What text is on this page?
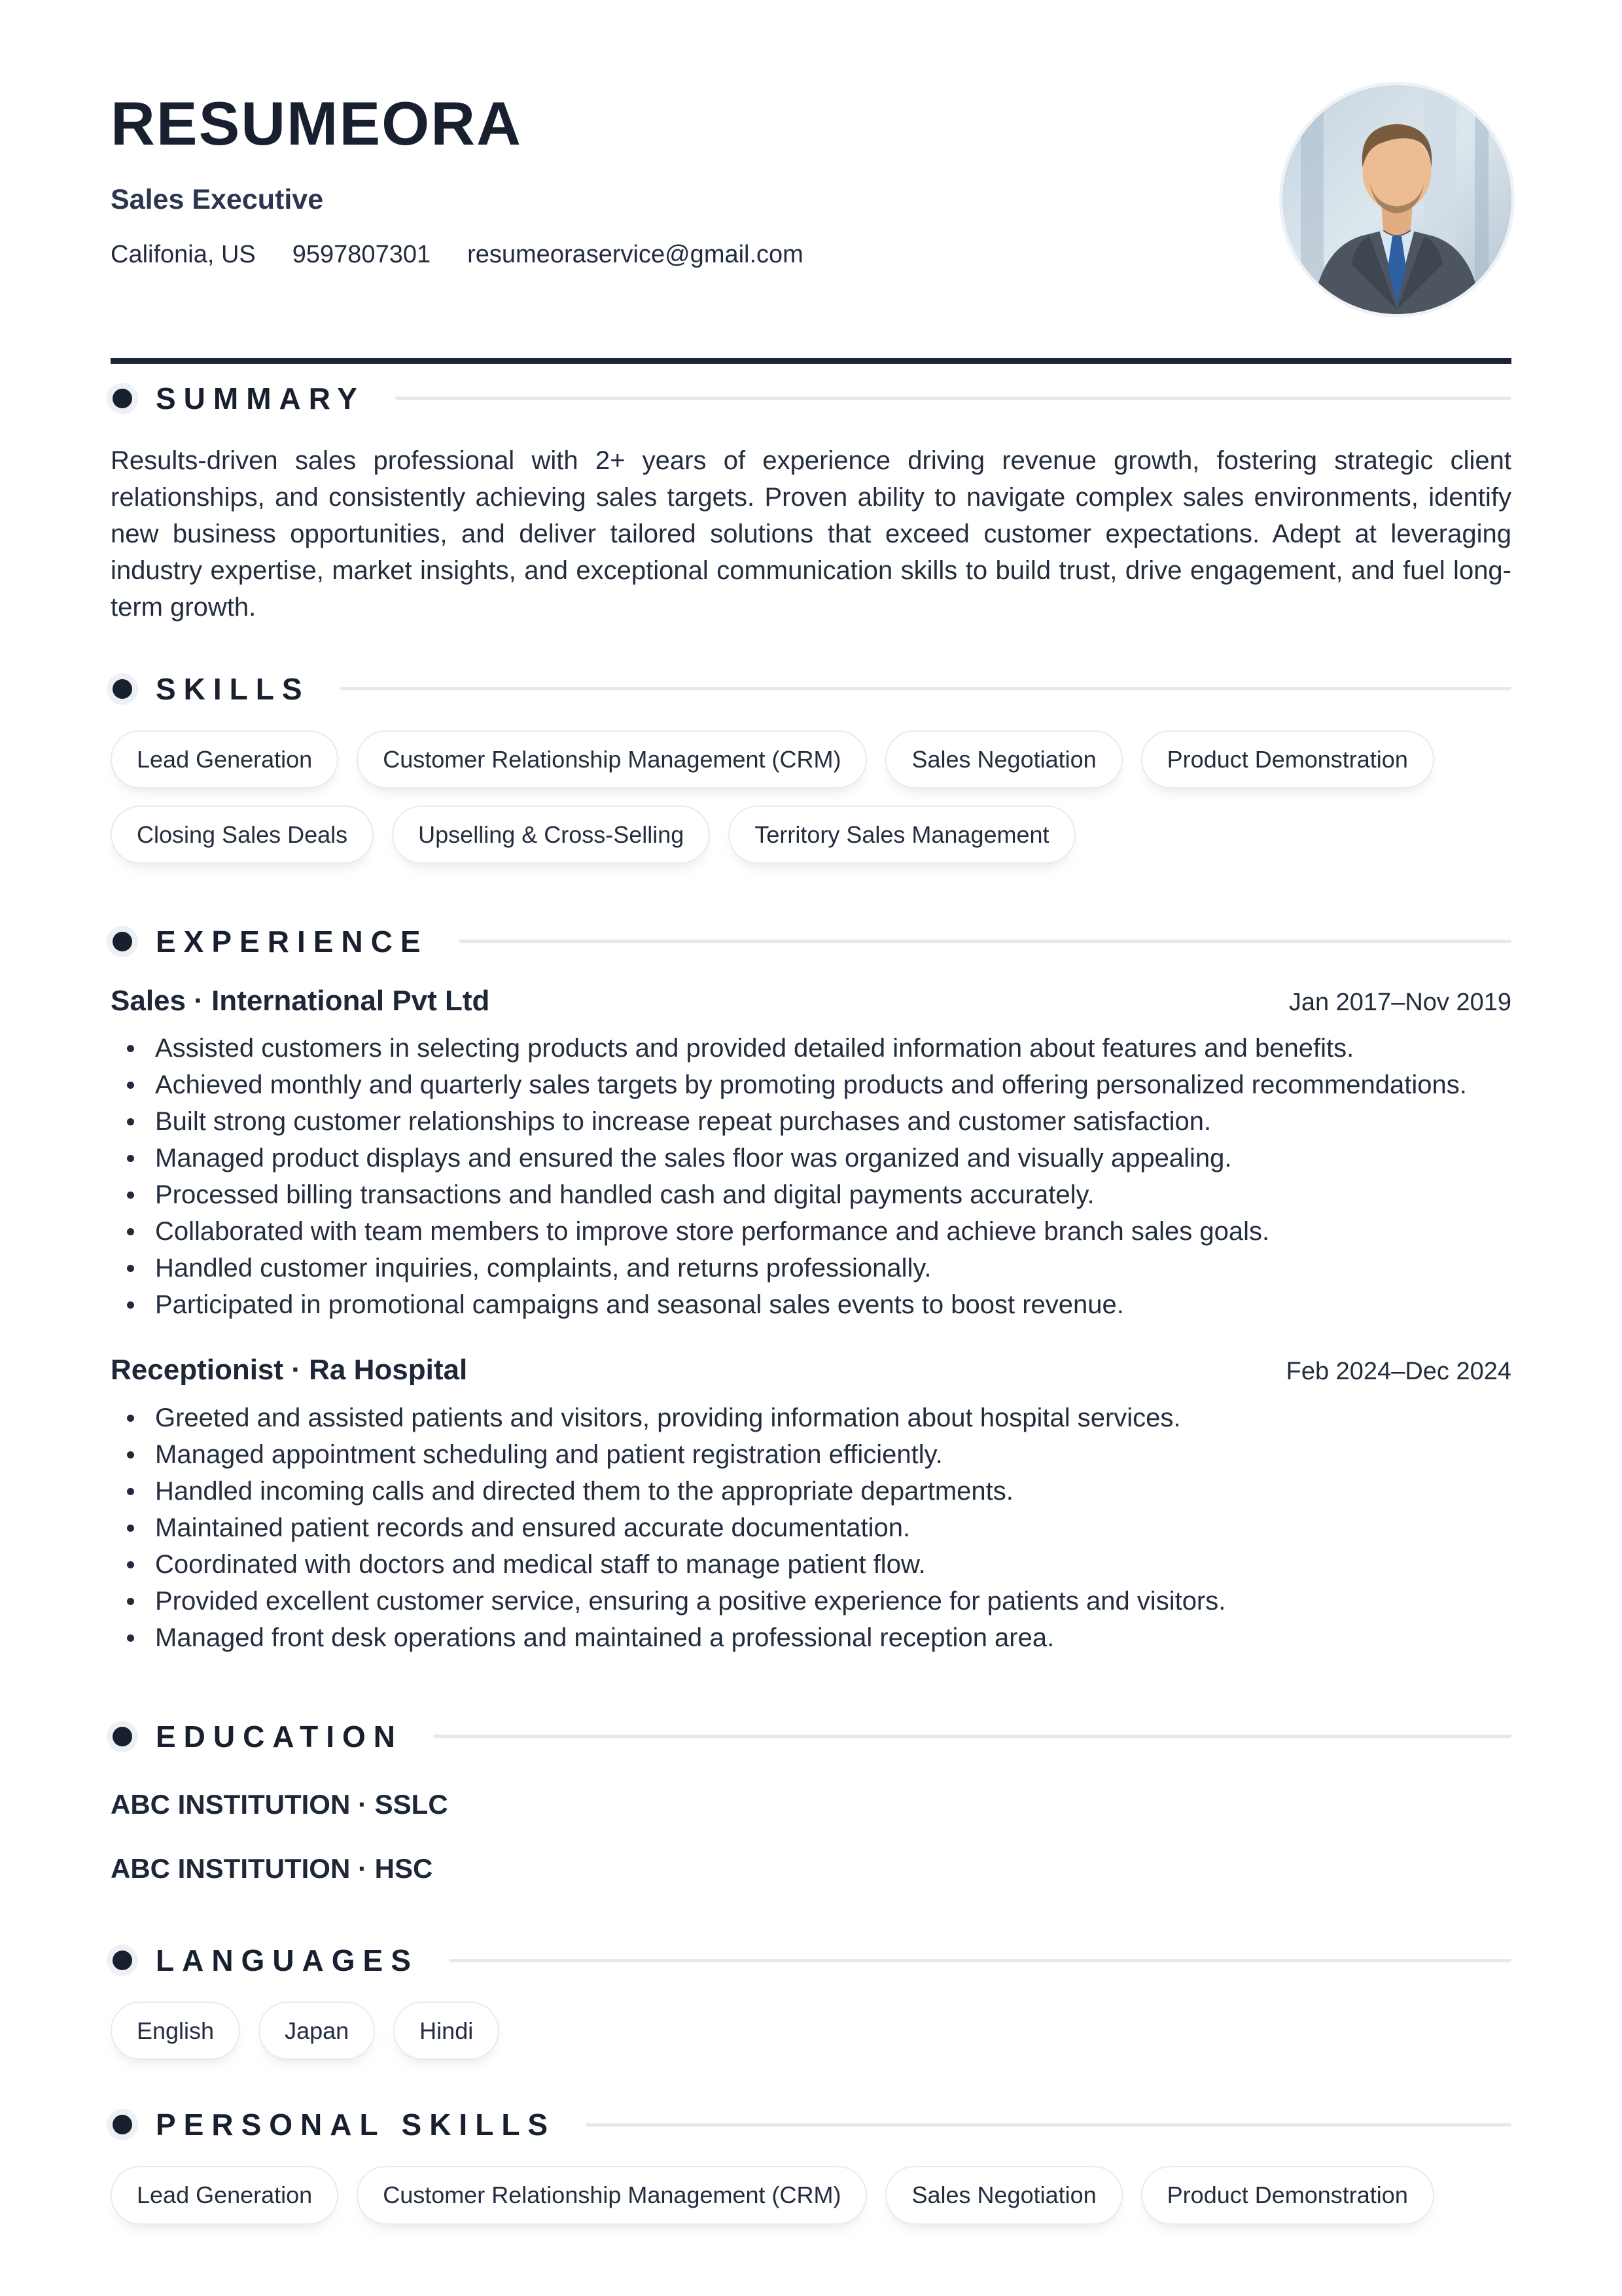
RESUMEORA
Sales Executive
Califonia, US 9597807301 resumeoraservice@gmail.com
SUMMARY

Results-driven sales professional with 2+ years of experience driving revenue growth, fostering strategic client relationships, and consistently achieving sales targets. Proven ability to navigate complex sales environments, identify new business opportunities, and deliver tailored solutions that exceed customer expectations. Adept at leveraging industry expertise, market insights, and exceptional communication skills to build trust, drive engagement, and fuel long-term growth.

SKILLS
Lead Generation	Customer Relationship Management (CRM)	Sales Negotiation	Product Demonstration
Closing Sales Deals	Upselling & Cross-Selling	Territory Sales Management
EXPERIENCE
Sales · International Pvt Ltd	Jan 2017–Nov 2019
Assisted customers in selecting products and provided detailed information about features and benefits.
Achieved monthly and quarterly sales targets by promoting products and offering personalized recommendations.
Built strong customer relationships to increase repeat purchases and customer satisfaction.
Managed product displays and ensured the sales floor was organized and visually appealing.
Processed billing transactions and handled cash and digital payments accurately.
Collaborated with team members to improve store performance and achieve branch sales goals.
Handled customer inquiries, complaints, and returns professionally.
Participated in promotional campaigns and seasonal sales events to boost revenue.
Receptionist · Ra Hospital	Feb 2024–Dec 2024
Greeted and assisted patients and visitors, providing information about hospital services.
Managed appointment scheduling and patient registration efficiently.
Handled incoming calls and directed them to the appropriate departments.
Maintained patient records and ensured accurate documentation.
Coordinated with doctors and medical staff to manage patient flow.
Provided excellent customer service, ensuring a positive experience for patients and visitors.
Managed front desk operations and maintained a professional reception area.
EDUCATION
ABC INSTITUTION · SSLC
ABC INSTITUTION · HSC
LANGUAGES
English	Japan	Hindi
PERSONAL SKILLS
Lead Generation	Customer Relationship Management (CRM)	Sales Negotiation	Product Demonstration
